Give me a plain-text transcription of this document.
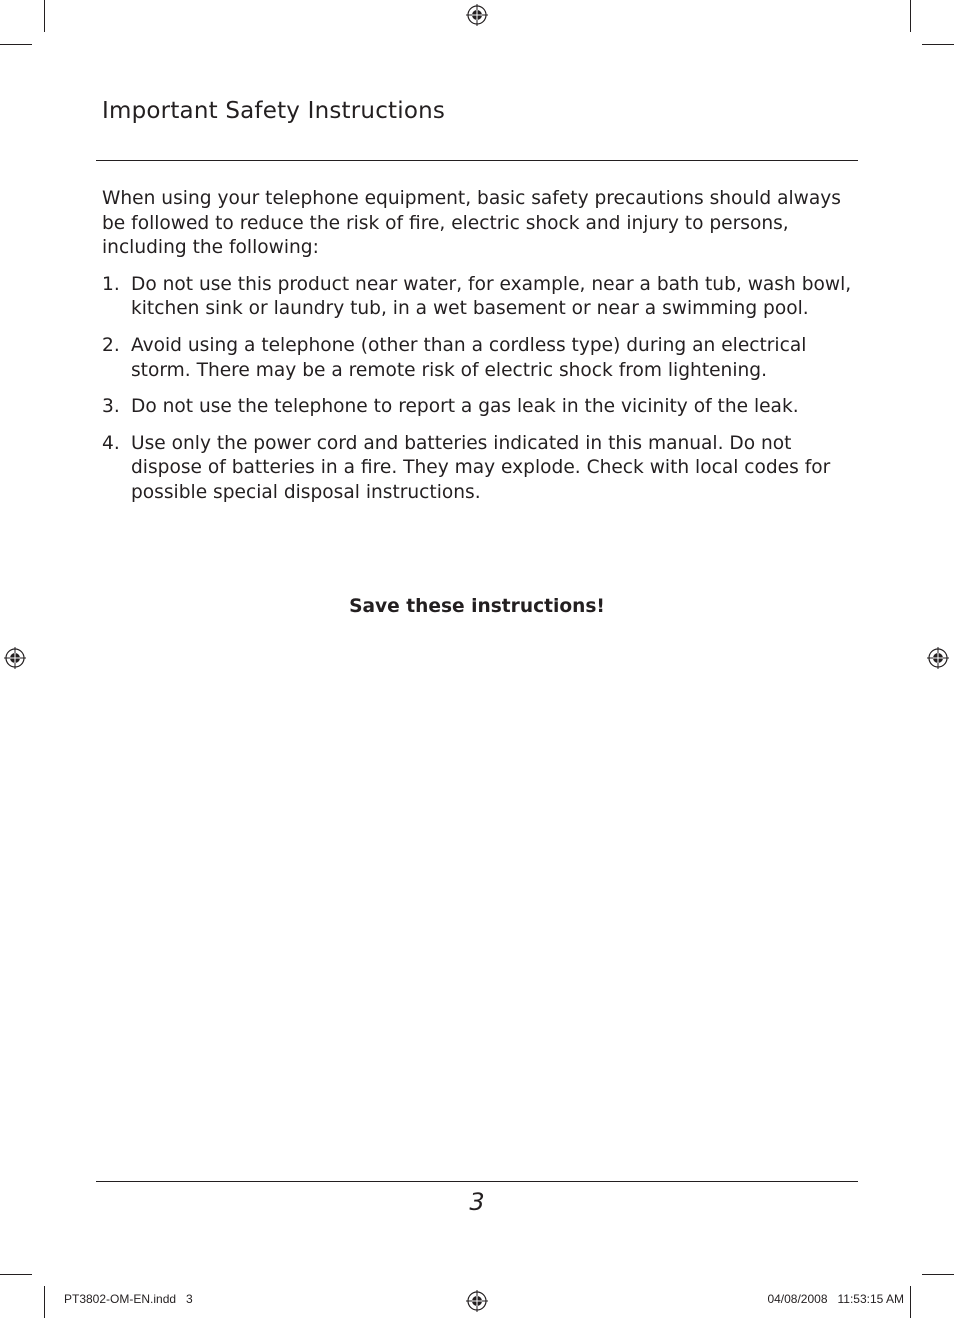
Important Safety Instructions

When using your telephone equipment, basic safety precautions should always be followed to reduce the risk of fire, electric shock and injury to persons, including the following:

1. Do not use this product near water, for example, near a bath tub, wash bowl, kitchen sink or laundry tub, in a wet basement or near a swimming pool.
2. Avoid using a telephone (other than a cordless type) during an electrical storm. There may be a remote risk of electric shock from lightening.
3. Do not use the telephone to report a gas leak in the vicinity of the leak.
4. Use only the power cord and batteries indicated in this manual. Do not dispose of batteries in a fire. They may explode. Check with local codes for possible special disposal instructions.
Save these instructions!
3
PT3802-OM-EN.indd   3	04/08/2008   11:53:15 AM
